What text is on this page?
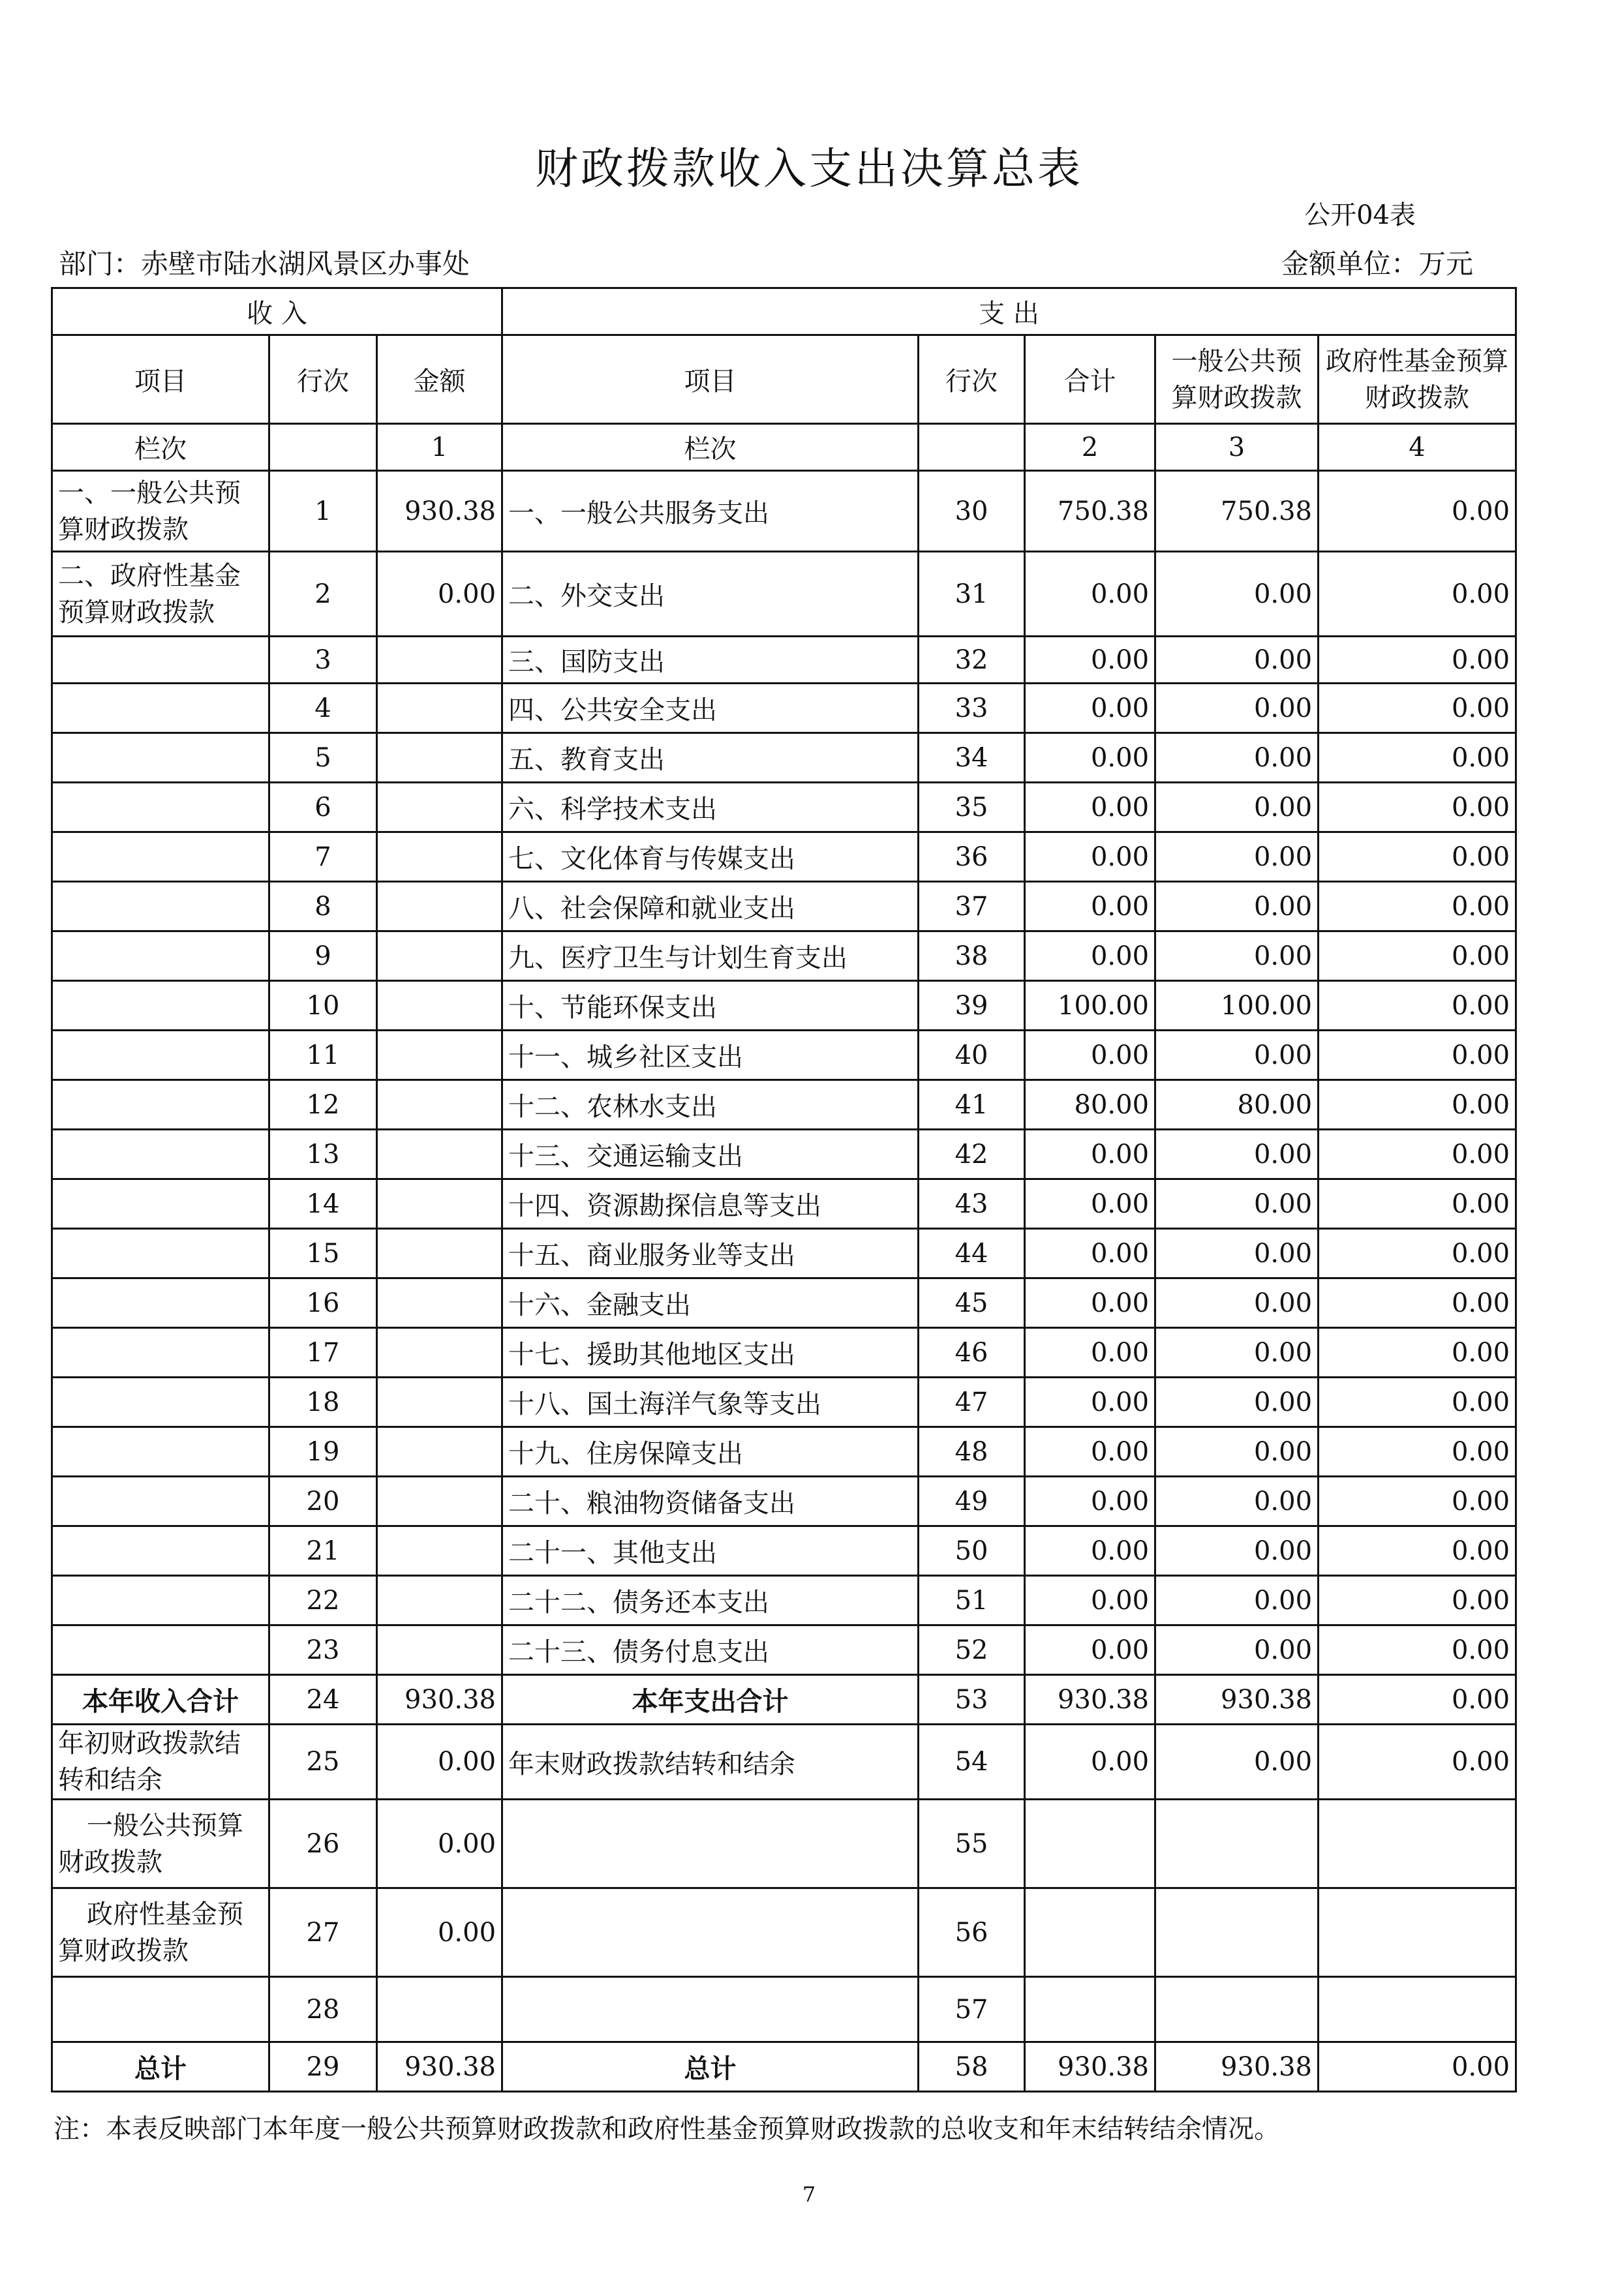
财政拨款收入支出决算总表
公开04表
部门：赤壁市陆水湖风景区办事处	金额单位：万元
收 入			支 出				
项目	行次	金额	项目	行次	合计	一般公共预算财政拨款	政府性基金预算财政拨款
栏次		1	栏次		2	3	4
一、一般公共预算财政拨款	1	930.38	一、一般公共服务支出	30	750.38	750.38	0.00
二、政府性基金预算财政拨款	2	0.00	二、外交支出	31	0.00	0.00	0.00
	3		三、国防支出	32	0.00	0.00	0.00
	4		四、公共安全支出	33	0.00	0.00	0.00
	5		五、教育支出	34	0.00	0.00	0.00
	6		六、科学技术支出	35	0.00	0.00	0.00
	7		七、文化体育与传媒支出	36	0.00	0.00	0.00
	8		八、社会保障和就业支出	37	0.00	0.00	0.00
	9		九、医疗卫生与计划生育支出	38	0.00	0.00	0.00
	10		十、节能环保支出	39	100.00	100.00	0.00
	11		十一、城乡社区支出	40	0.00	0.00	0.00
	12		十二、农林水支出	41	80.00	80.00	0.00
	13		十三、交通运输支出	42	0.00	0.00	0.00
	14		十四、资源勘探信息等支出	43	0.00	0.00	0.00
	15		十五、商业服务业等支出	44	0.00	0.00	0.00
	16		十六、金融支出	45	0.00	0.00	0.00
	17		十七、援助其他地区支出	46	0.00	0.00	0.00
	18		十八、国土海洋气象等支出	47	0.00	0.00	0.00
	19		十九、住房保障支出	48	0.00	0.00	0.00
	20		二十、粮油物资储备支出	49	0.00	0.00	0.00
	21		二十一、其他支出	50	0.00	0.00	0.00
	22		二十二、债务还本支出	51	0.00	0.00	0.00
	23		二十三、债务付息支出	52	0.00	0.00	0.00
本年收入合计	24	930.38	本年支出合计	53	930.38	930.38	0.00
年初财政拨款结转和结余	25	0.00	年末财政拨款结转和结余	54	0.00	0.00	0.00
一般公共预算财政拨款	26	0.00		55			
政府性基金预算财政拨款	27	0.00		56			
	28			57			
总计	29	930.38	总计	58	930.38	930.38	0.00
注：本表反映部门本年度一般公共预算财政拨款和政府性基金预算财政拨款的总收支和年末结转结余情况。
7
